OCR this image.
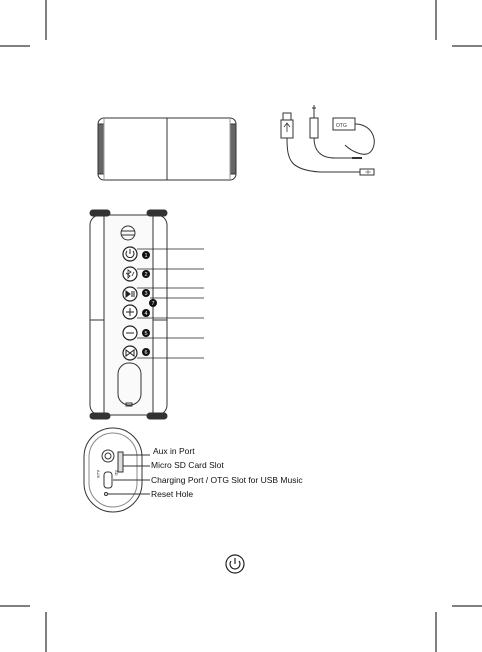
OTG
1
2
3
7
4
5
6
AUX	SD
Aux in Port
Micro SD Card Slot
Charging Port / OTG Slot for USB Music
Reset Hole
